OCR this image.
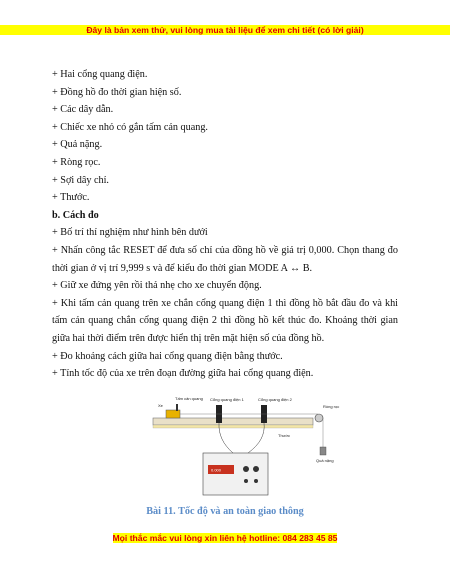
Đây là bản xem thử, vui lòng mua tài liệu để xem chi tiết (có lời giải)

+ Hai cổng quang điện.

+ Đồng hồ đo thời gian hiện số.

+ Các dây dẫn.

+ Chiếc xe nhỏ có gắn tấm cản quang.

+ Quả nặng.

+ Ròng rọc.

+ Sợi dây chỉ.

+ Thước.

b. Cách đo

+ Bố trí thí nghiệm như hình bên dưới

+ Nhấn công tắc RESET để đưa số chỉ của đồng hồ về giá trị 0,000. Chọn thang đo thời gian ở vị trí 9,999 s và để kiểu đo thời gian MODE A ↔ B.

+ Giữ xe đứng yên rồi thả nhẹ cho xe chuyển động.

+ Khi tấm cản quang trên xe chắn cổng quang điện 1 thì đồng hồ bắt đầu đo và khi tấm cản quang chắn cổng quang điện 2 thì đồng hồ kết thúc đo. Khoảng thời gian giữa hai thời điểm trên được hiển thị trên mặt hiện số của đồng hồ.

+ Đo khoảng cách giữa hai cổng quang điện bằng thước.

+ Tính tốc độ của xe trên đoạn đường giữa hai cổng quang điện.

0.000
Xe
Tấm cản quang Cổng quang điện 1	Cổng quang điện 2
Ròng rọc
Thước
Quả nặng
Bài 11. Tốc độ và an toàn giao thông
Mọi thắc mắc vui lòng xin liên hệ hotline: 084 283 45 85
